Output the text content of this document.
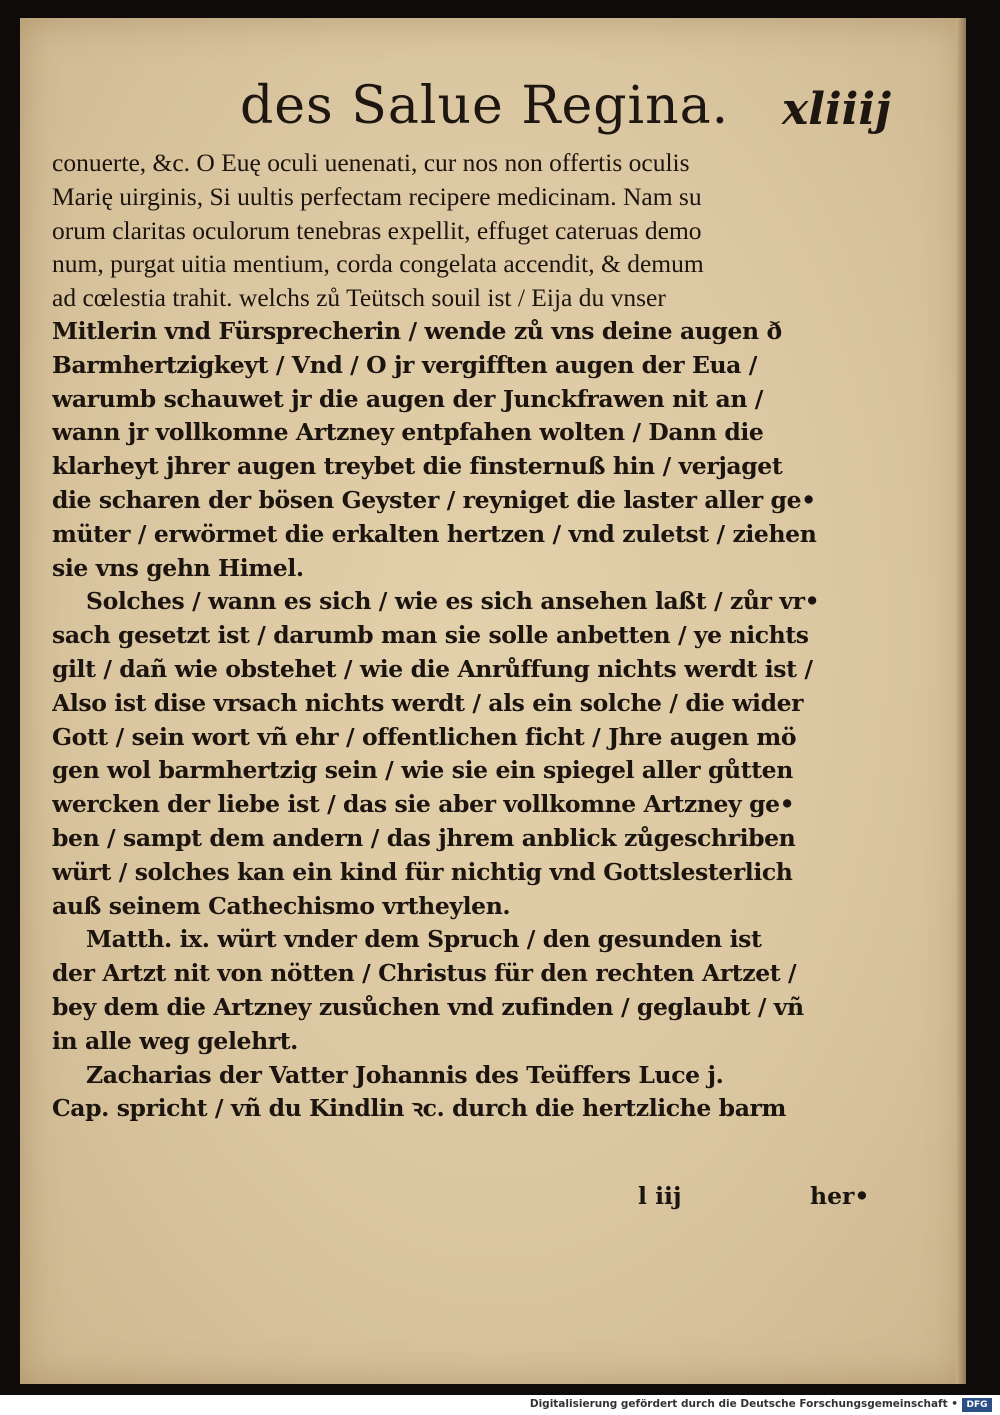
des Salue Regina. xliiij
conuerte, &c. O Euę oculi uenenati, cur nos non offertis oculis
Marię uirginis, Si uultis perfectam recipere medicinam. Nam su
orum claritas oculorum tenebras expellit, effuget cateruas demo
num, purgat uitia mentium, corda congelata accendit, & demum
ad cœlestia trahit. welchs zů Teütsch souil ist / Eija du vnser
Mitlerin vnd Fürsprecherin / wende zů vns deine augen ð
Barmhertzigkeyt / Vnd / O jr vergifften augen der Eua /
warumb schauwet jr die augen der Junckfrawen nit an /
wann jr vollkomne Artzney entpfahen wolten / Dann die
klarheyt jhrer augen treybet die finsternuß hin / verjaget
die scharen der bösen Geyster / reyniget die laster aller ge•
müter / erwörmet die erkalten hertzen / vnd zuletst / ziehen
sie vns gehn Himel.
Solches / wann es sich / wie es sich ansehen laßt / zůr vr•
sach gesetzt ist / darumb man sie solle anbetten / ye nichts
gilt / dañ wie obstehet / wie die Anrůffung nichts werdt ist /
Also ist dise vrsach nichts werdt / als ein solche / die wider
Gott / sein wort vñ ehr / offentlichen ficht / Jhre augen mö
gen wol barmhertzig sein / wie sie ein spiegel aller gůtten
wercken der liebe ist / das sie aber vollkomne Artzney ge•
ben / sampt dem andern / das jhrem anblick zůgeschriben
würt / solches kan ein kind für nichtig vnd Gottslesterlich
auß seinem Cathechismo vrtheylen.
Matth. ix. würt vnder dem Spruch / den gesunden ist
der Artzt nit von nötten / Christus für den rechten Artzet /
bey dem die Artzney zusůchen vnd zufinden / geglaubt / vñ
in alle weg gelehrt.
Zacharias der Vatter Johannis des Teüffers Luce j.
Cap. spricht / vñ du Kindlin ꝛc. durch die hertzliche barm
l iij	her•
Digitalisierung gefördert durch die Deutsche Forschungsgemeinschaft • DFG
